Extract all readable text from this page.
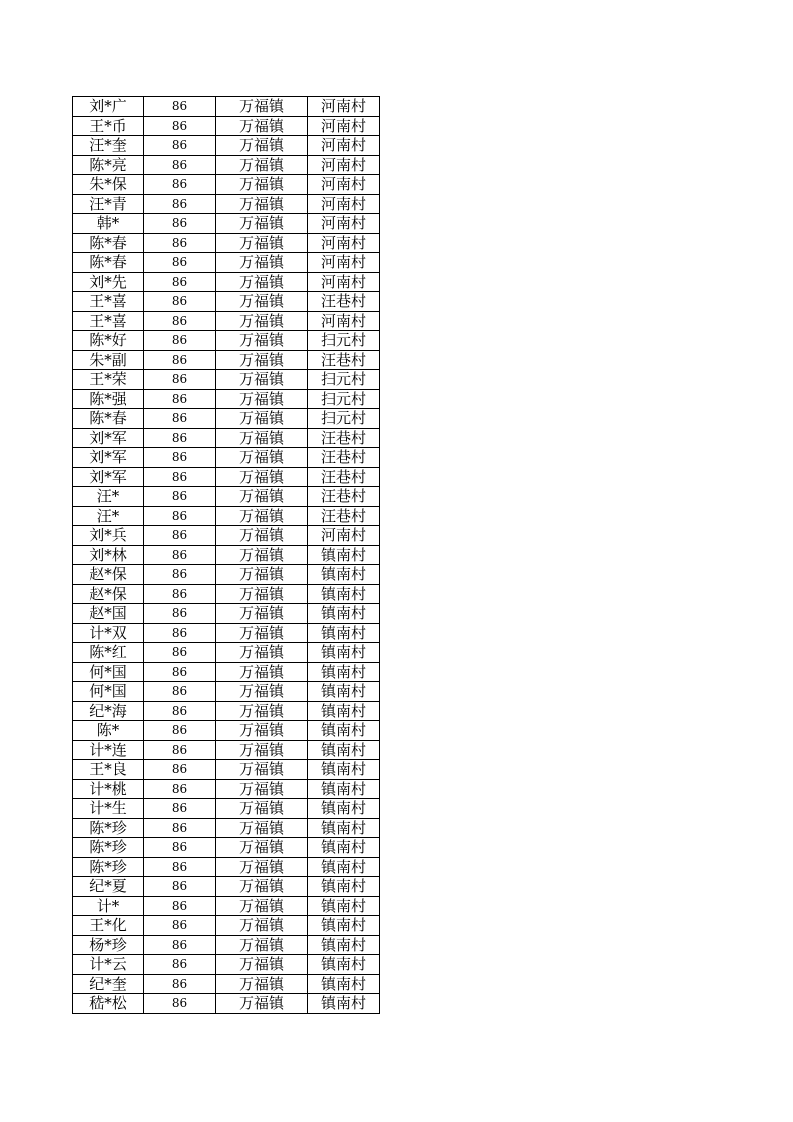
刘*广	86	万福镇	河南村
王*币	86	万福镇	河南村
汪*奎	86	万福镇	河南村
陈*亮	86	万福镇	河南村
朱*保	86	万福镇	河南村
汪*青	86	万福镇	河南村
韩*	86	万福镇	河南村
陈*春	86	万福镇	河南村
陈*春	86	万福镇	河南村
刘*先	86	万福镇	河南村
王*喜	86	万福镇	汪巷村
王*喜	86	万福镇	河南村
陈*好	86	万福镇	扫元村
朱*副	86	万福镇	汪巷村
王*荣	86	万福镇	扫元村
陈*强	86	万福镇	扫元村
陈*春	86	万福镇	扫元村
刘*军	86	万福镇	汪巷村
刘*军	86	万福镇	汪巷村
刘*军	86	万福镇	汪巷村
汪*	86	万福镇	汪巷村
汪*	86	万福镇	汪巷村
刘*兵	86	万福镇	河南村
刘*林	86	万福镇	镇南村
赵*保	86	万福镇	镇南村
赵*保	86	万福镇	镇南村
赵*国	86	万福镇	镇南村
计*双	86	万福镇	镇南村
陈*红	86	万福镇	镇南村
何*国	86	万福镇	镇南村
何*国	86	万福镇	镇南村
纪*海	86	万福镇	镇南村
陈*	86	万福镇	镇南村
计*连	86	万福镇	镇南村
王*良	86	万福镇	镇南村
计*桃	86	万福镇	镇南村
计*生	86	万福镇	镇南村
陈*珍	86	万福镇	镇南村
陈*珍	86	万福镇	镇南村
陈*珍	86	万福镇	镇南村
纪*夏	86	万福镇	镇南村
计*	86	万福镇	镇南村
王*化	86	万福镇	镇南村
杨*珍	86	万福镇	镇南村
计*云	86	万福镇	镇南村
纪*奎	86	万福镇	镇南村
嵇*松	86	万福镇	镇南村
